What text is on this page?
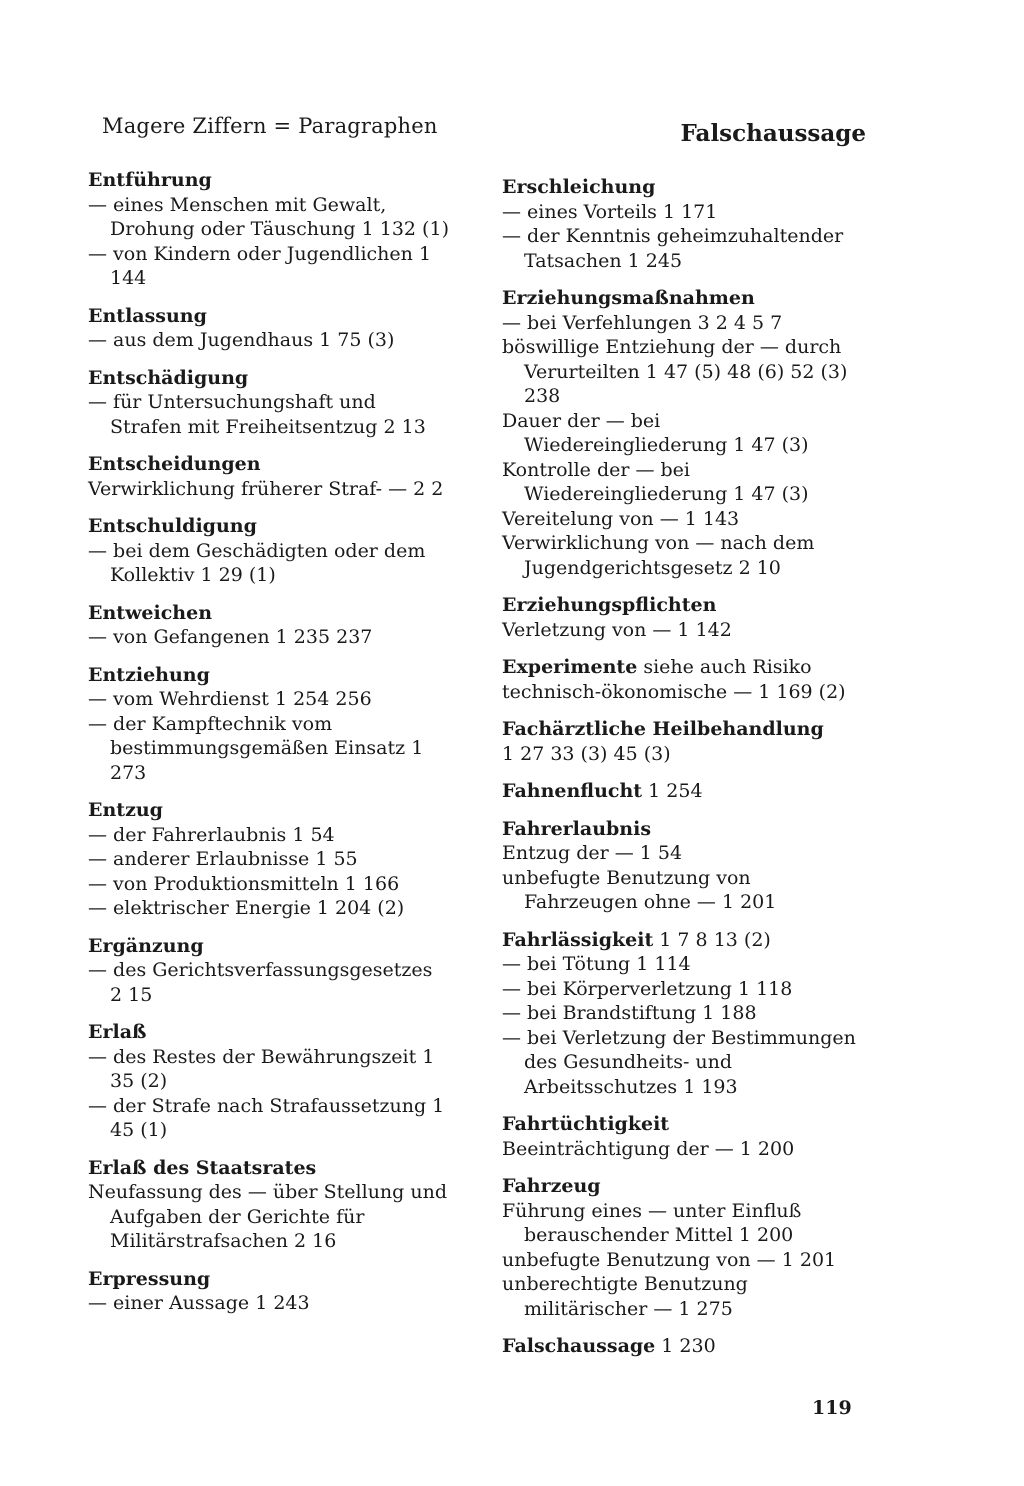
Magere Ziffern = Paragraphen	Falschaussage
Entführung
— eines Menschen mit Gewalt, Drohung oder Täuschung 1 132 (1)
— von Kindern oder Jugendlichen 1 144
Entlassung
— aus dem Jugendhaus 1 75 (3)
Entschädigung
— für Untersuchungshaft und Strafen mit Freiheitsentzug 2 13
Entscheidungen
Verwirklichung früherer Straf- — 2 2
Entschuldigung
— bei dem Geschädigten oder dem Kollektiv 1 29 (1)
Entweichen
— von Gefangenen 1 235 237
Entziehung
— vom Wehrdienst 1 254 256
— der Kampftechnik vom bestimmungsgemäßen Einsatz 1 273
Entzug
— der Fahrerlaubnis 1 54
— anderer Erlaubnisse 1 55
— von Produktionsmitteln 1 166
— elektrischer Energie 1 204 (2)
Ergänzung
— des Gerichtsverfassungsgesetzes 2 15
Erlaß
— des Restes der Bewährungszeit 1 35 (2)
— der Strafe nach Strafaussetzung 1 45 (1)
Erlaß des Staatsrates
Neufassung des — über Stellung und Aufgaben der Gerichte für Militärstrafsachen 2 16
Erpressung
— einer Aussage 1 243
Erschleichung
— eines Vorteils 1 171
— der Kenntnis geheimzuhaltender Tatsachen 1 245
Erziehungsmaßnahmen
— bei Verfehlungen 3 2 4 5 7
böswillige Entziehung der — durch Verurteilten 1 47 (5) 48 (6) 52 (3) 238
Dauer der — bei Wiedereingliederung 1 47 (3)
Kontrolle der — bei Wiedereingliederung 1 47 (3)
Vereitelung von — 1 143
Verwirklichung von — nach dem Jugendgerichtsgesetz 2 10
Erziehungspflichten
Verletzung von — 1 142
Experimente siehe auch Risiko
technisch-ökonomische — 1 169 (2)
Fachärztliche Heilbehandlung
1 27 33 (3) 45 (3)
Fahnenflucht 1 254
Fahrerlaubnis
Entzug der — 1 54
unbefugte Benutzung von Fahrzeugen ohne — 1 201
Fahrlässigkeit 1 7 8 13 (2)
— bei Tötung 1 114
— bei Körperverletzung 1 118
— bei Brandstiftung 1 188
— bei Verletzung der Bestimmungen des Gesundheits- und Arbeitsschutzes 1 193
Fahrtüchtigkeit
Beeinträchtigung der — 1 200
Fahrzeug
Führung eines — unter Einfluß berauschender Mittel 1 200
unbefugte Benutzung von — 1 201
unberechtigte Benutzung militärischer — 1 275
Falschaussage 1 230
119
